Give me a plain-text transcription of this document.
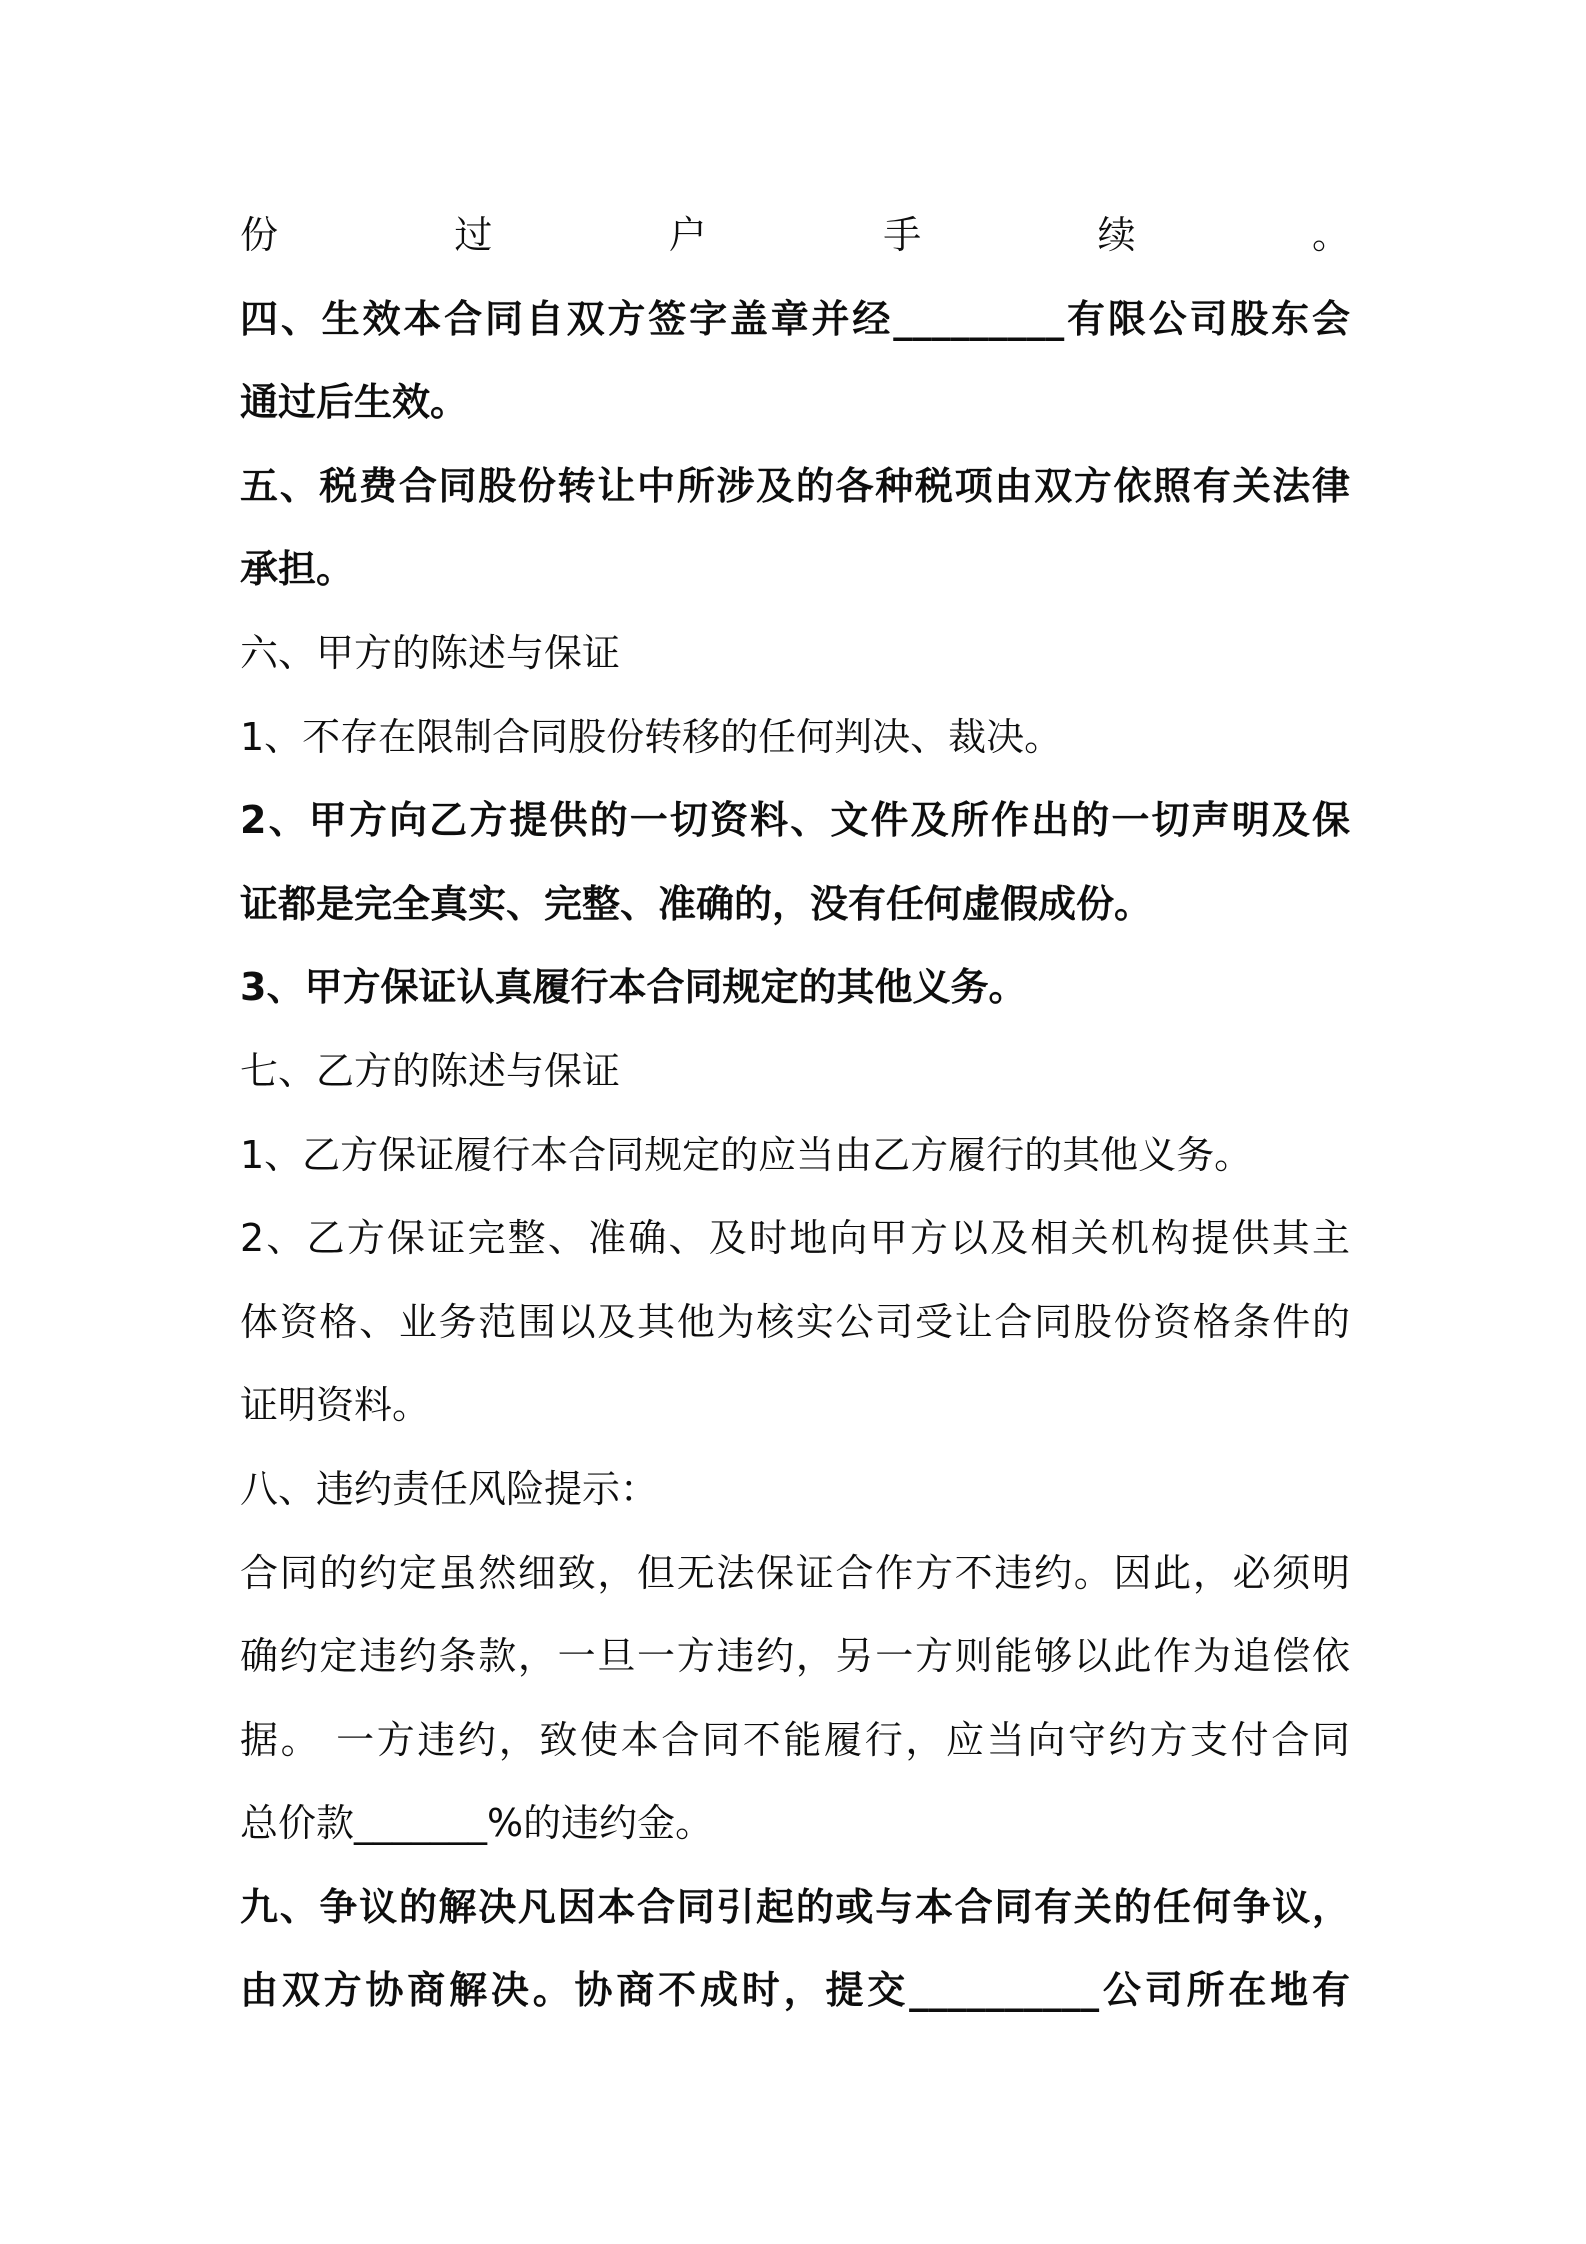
份过户手续。
四、生效本合同自双方签字盖章并经_________有限公司股东会
通过后生效。
五、税费合同股份转让中所涉及的各种税项由双方依照有关法律
承担。
六、甲方的陈述与保证
1、不存在限制合同股份转移的任何判决、裁决。
2、甲方向乙方提供的一切资料、文件及所作出的一切声明及保
证都是完全真实、完整、准确的，没有任何虚假成份。
3、甲方保证认真履行本合同规定的其他义务。
七、乙方的陈述与保证
1、乙方保证履行本合同规定的应当由乙方履行的其他义务。
2、乙方保证完整、准确、及时地向甲方以及相关机构提供其主
体资格、业务范围以及其他为核实公司受让合同股份资格条件的
证明资料。
八、违约责任风险提示：
合同的约定虽然细致，但无法保证合作方不违约。因此，必须明
确约定违约条款，一旦一方违约，另一方则能够以此作为追偿依
据。 一方违约，致使本合同不能履行，应当向守约方支付合同
总价款_______%的违约金。
九、争议的解决凡因本合同引起的或与本合同有关的任何争议，
由双方协商解决。协商不成时，提交__________公司所在地有
